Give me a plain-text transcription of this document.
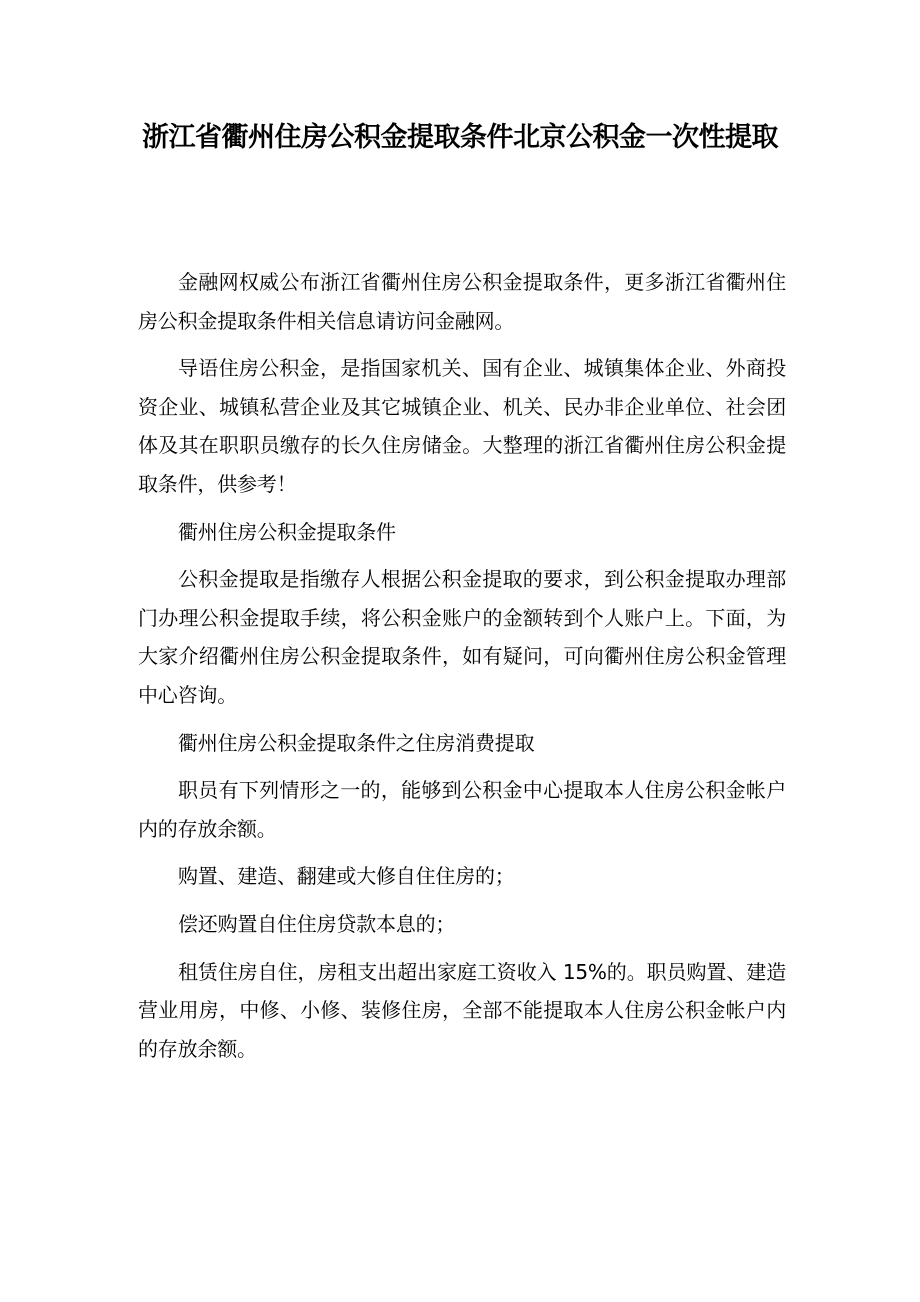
浙江省衢州住房公积金提取条件北京公积金一次性提取

金融网权威公布浙江省衢州住房公积金提取条件，更多浙江省衢州住房公积金提取条件相关信息请访问金融网。

导语住房公积金，是指国家机关、国有企业、城镇集体企业、外商投资企业、城镇私营企业及其它城镇企业、机关、民办非企业单位、社会团体及其在职职员缴存的长久住房储金。大整理的浙江省衢州住房公积金提取条件，供参考！

衢州住房公积金提取条件

公积金提取是指缴存人根据公积金提取的要求，到公积金提取办理部门办理公积金提取手续，将公积金账户的金额转到个人账户上。下面，为大家介绍衢州住房公积金提取条件，如有疑问，可向衢州住房公积金管理中心咨询。

衢州住房公积金提取条件之住房消费提取

职员有下列情形之一的，能够到公积金中心提取本人住房公积金帐户内的存放余额。

购置、建造、翻建或大修自住住房的；

偿还购置自住住房贷款本息的；

租赁住房自住，房租支出超出家庭工资收入 15%的。职员购置、建造营业用房，中修、小修、装修住房，全部不能提取本人住房公积金帐户内的存放余额。
